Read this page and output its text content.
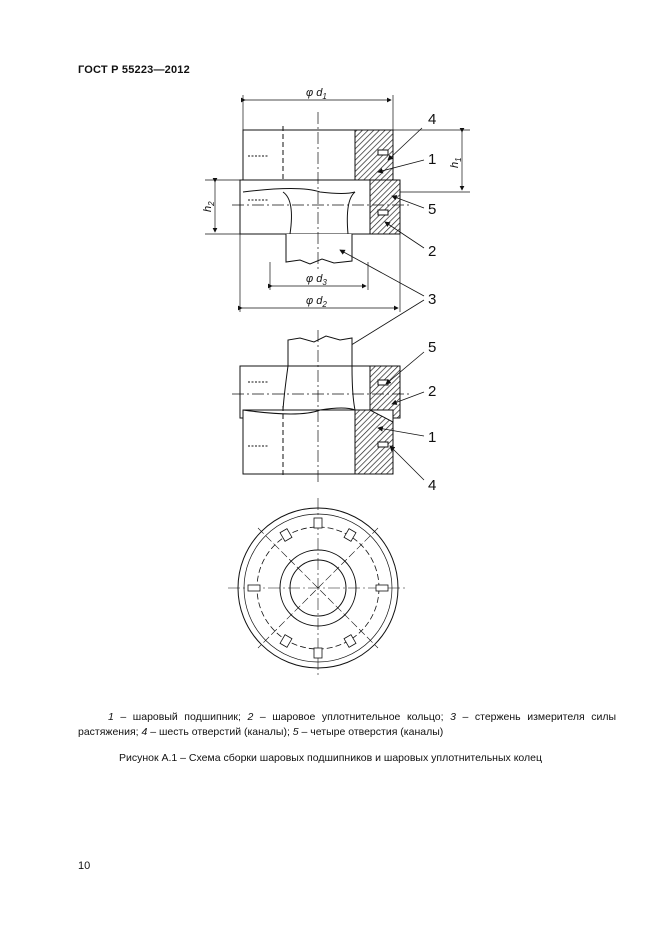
ГОСТ Р 55223—2012
φ $d_1$
φ $d_3$
φ $d_2$
$h_1$
$h_2$
4
1
5
2
3
5
2
1
4
1 – шаровый подшипник; 2 – шаровое уплотнительное кольцо; 3 – стержень измерителя силы растяжения; 4 – шесть отверстий (каналы); 5 – четыре отверстия (каналы)
Рисунок А.1 – Схема сборки шаровых подшипников и шаровых уплотнительных колец
10
